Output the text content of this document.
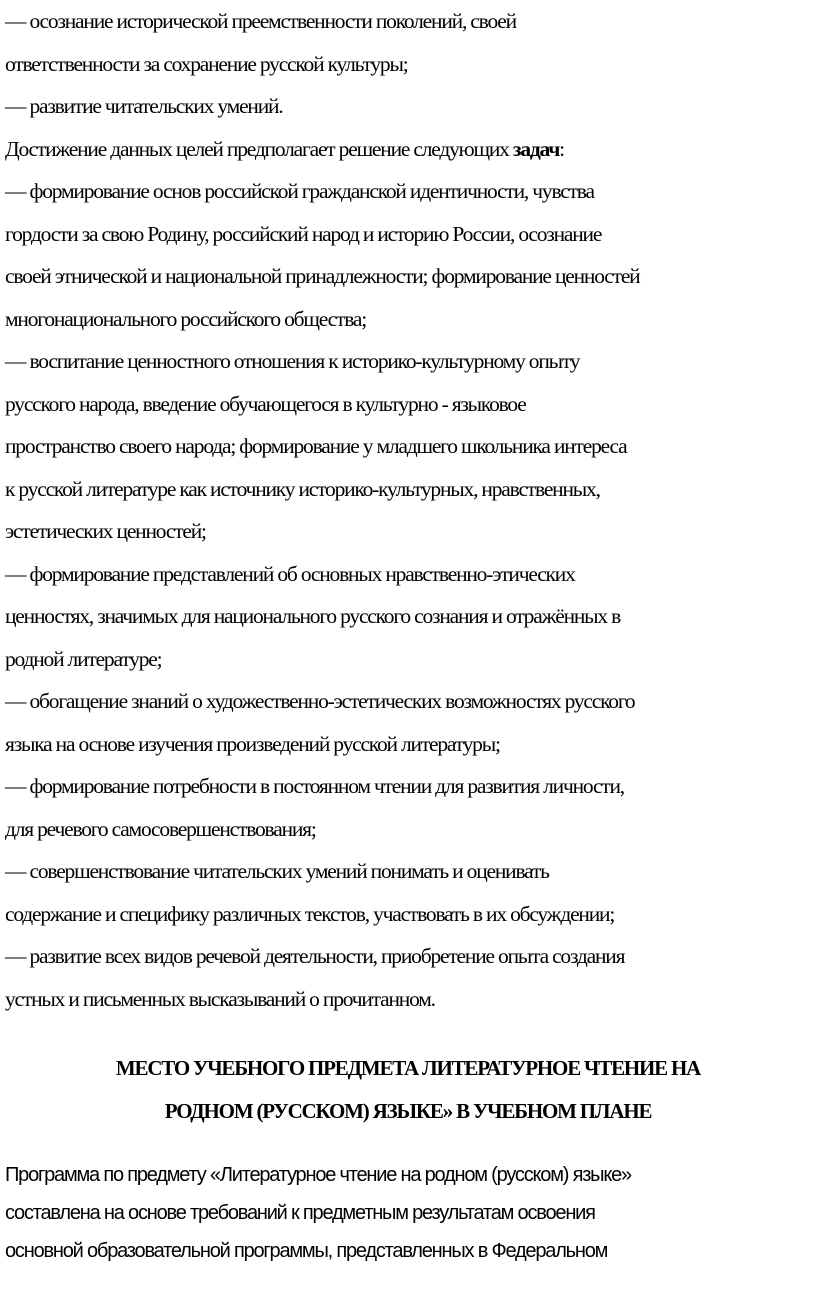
— осознание исторической преемственности поколений, своей
ответственности за сохранение русской культуры;
— развитие читательских умений.
Достижение данных целей предполагает решение следующих задач:
— формирование основ российской гражданской идентичности, чувства
гордости за свою Родину, российский народ и историю России, осознание
своей этнической и национальной принадлежности; формирование ценностей
многонационального российского общества;
— воспитание ценностного отношения к историко-культурному опыту
русского народа, введение обучающегося в культурно - языковое
пространство своего народа; формирование у младшего школьника интереса
к русской литературе как источнику историко-культурных, нравственных,
эстетических ценностей;
— формирование представлений об основных нравственно-этических
ценностях, значимых для национального русского сознания и отражённых в
родной литературе;
— обогащение знаний о художественно-эстетических возможностях русского
языка на основе изучения произведений русской литературы;
— формирование потребности в постоянном чтении для развития личности,
для речевого самосовершенствования;
— совершенствование читательских умений понимать и оценивать
содержание и специфику различных текстов, участвовать в их обсуждении;
— развитие всех видов речевой деятельности, приобретение опыта создания
устных и письменных высказываний о прочитанном.
МЕСТО УЧЕБНОГО ПРЕДМЕТА ЛИТЕРАТУРНОЕ ЧТЕНИЕ НА
РОДНОМ (РУССКОМ) ЯЗЫКЕ» В УЧЕБНОМ ПЛАНЕ
Программа по предмету «Литературное чтение на родном (русском) языке»
составлена на основе требований к предметным результатам освоения
основной образовательной программы, представленных в Федеральном
